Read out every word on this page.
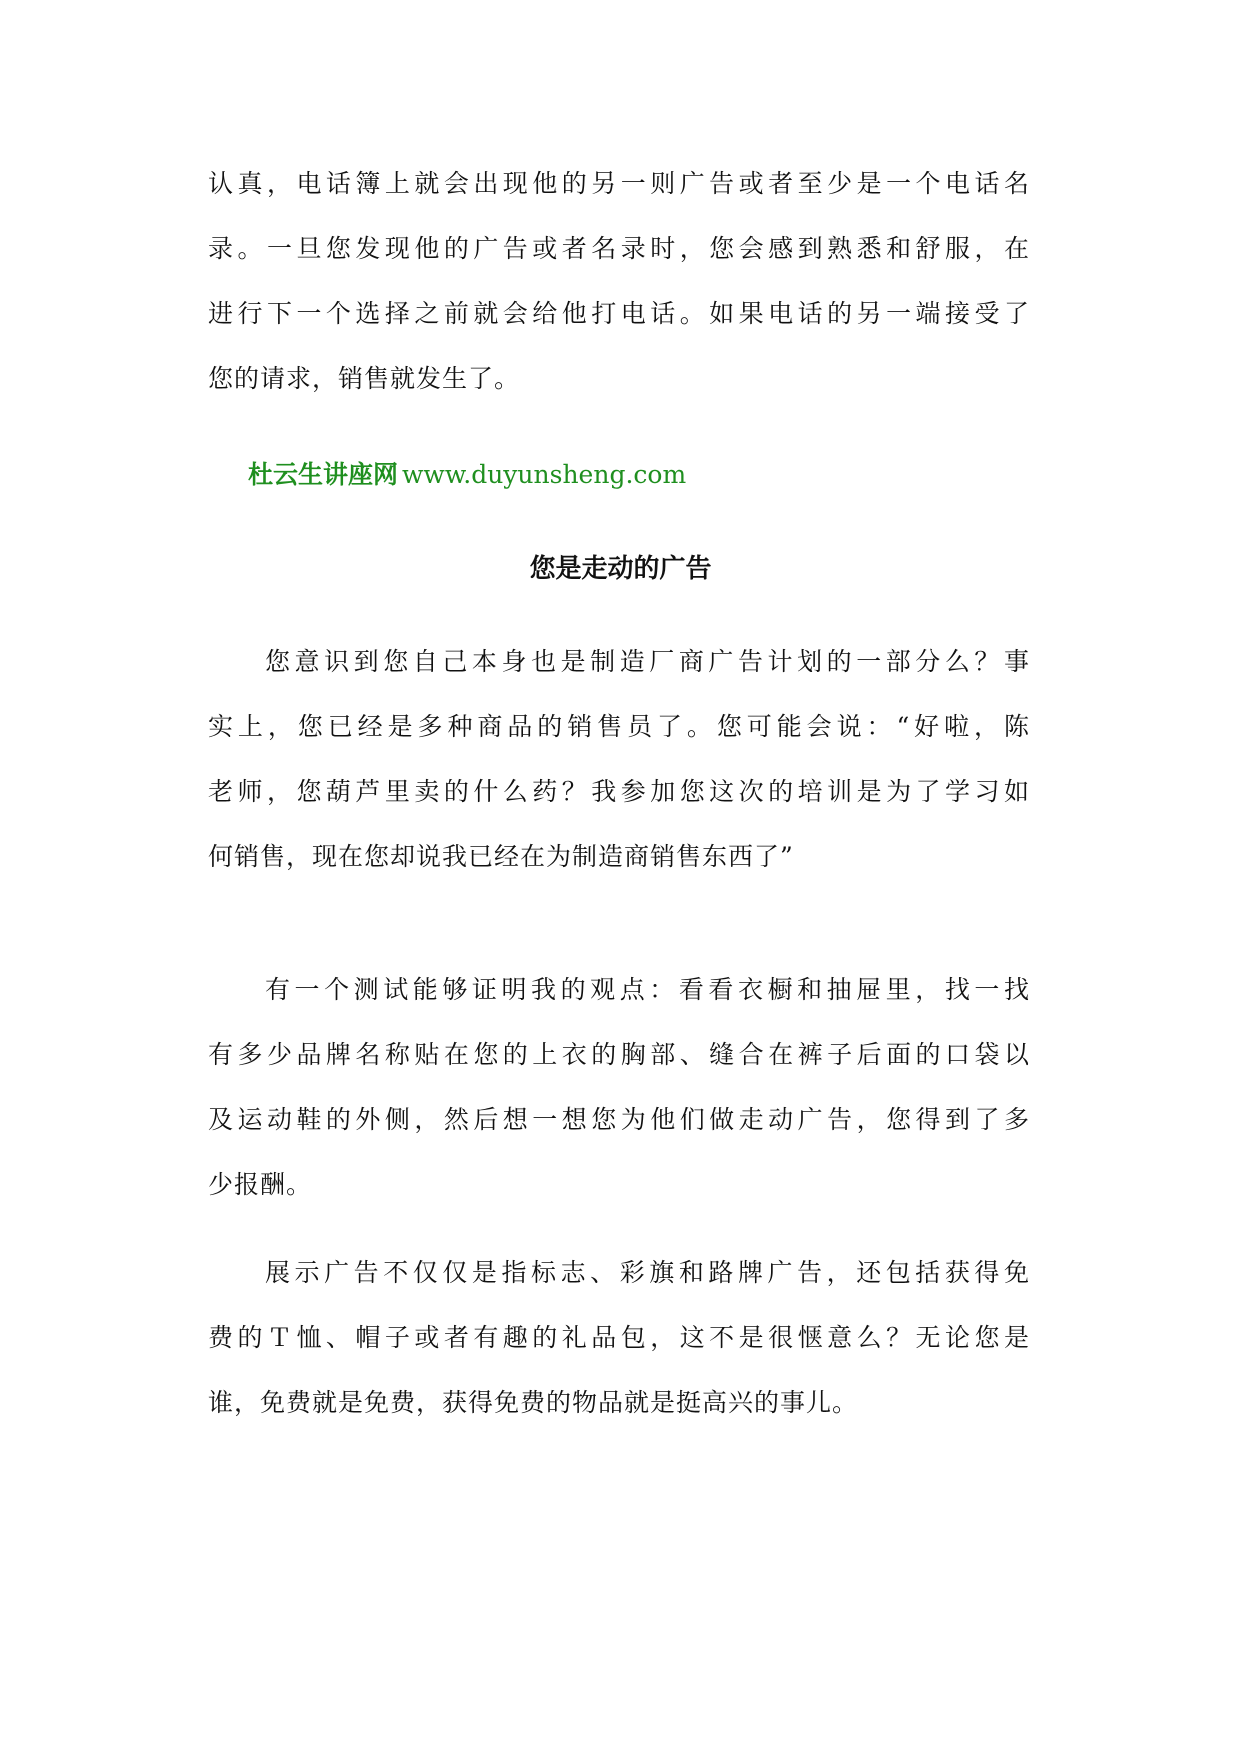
认真，电话簿上就会出现他的另一则广告或者至少是一个电话名
录。一旦您发现他的广告或者名录时，您会感到熟悉和舒服，在
进行下一个选择之前就会给他打电话。如果电话的另一端接受了
您的请求，销售就发生了。
杜云生讲座网 www.duyunsheng.com
您是走动的广告
您意识到您自己本身也是制造厂商广告计划的一部分么？事
实上，您已经是多种商品的销售员了。您可能会说：“好啦，陈
老师，您葫芦里卖的什么药？我参加您这次的培训是为了学习如
何销售，现在您却说我已经在为制造商销售东西了”
有一个测试能够证明我的观点：看看衣橱和抽屉里，找一找
有多少品牌名称贴在您的上衣的胸部、缝合在裤子后面的口袋以
及运动鞋的外侧，然后想一想您为他们做走动广告，您得到了多
少报酬。
展示广告不仅仅是指标志、彩旗和路牌广告，还包括获得免
费的Ｔ恤、帽子或者有趣的礼品包，这不是很惬意么？无论您是
谁，免费就是免费，获得免费的物品就是挺高兴的事儿。
